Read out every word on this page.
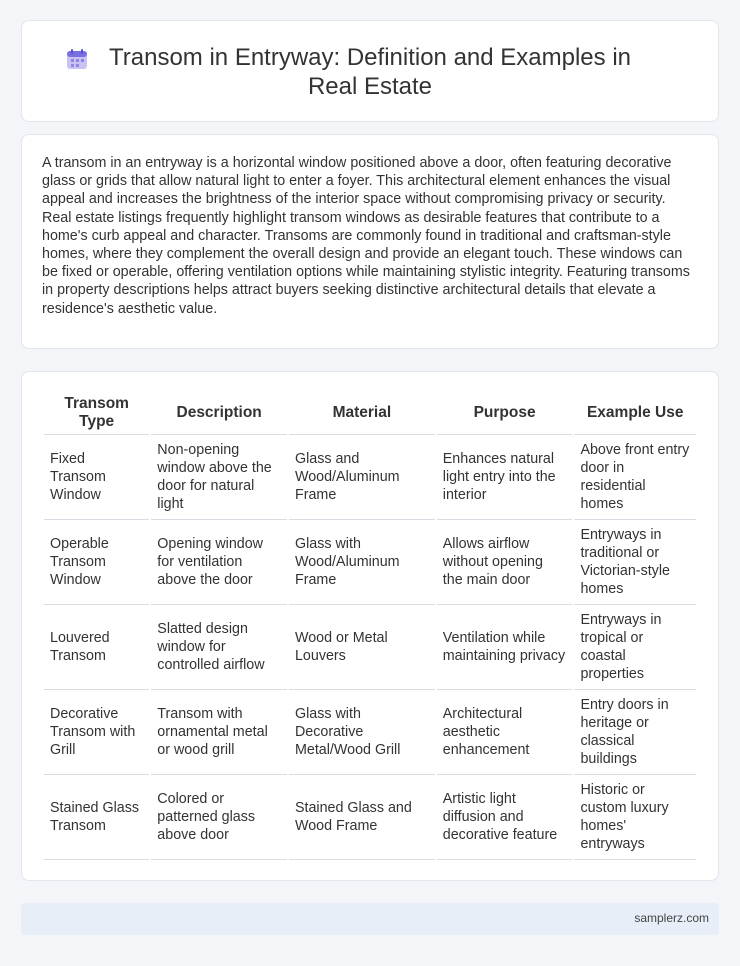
Transom in Entryway: Definition and Examples in Real Estate

A transom in an entryway is a horizontal window positioned above a door, often featuring decorative glass or grids that allow natural light to enter a foyer. This architectural element enhances the visual appeal and increases the brightness of the interior space without compromising privacy or security. Real estate listings frequently highlight transom windows as desirable features that contribute to a home's curb appeal and character. Transoms are commonly found in traditional and craftsman-style homes, where they complement the overall design and provide an elegant touch. These windows can be fixed or operable, offering ventilation options while maintaining stylistic integrity. Featuring transoms in property descriptions helps attract buyers seeking distinctive architectural details that elevate a residence's aesthetic value.

Transom Type	Description	Material	Purpose	Example Use
Fixed Transom Window	Non-opening window above the door for natural light	Glass and Wood/Aluminum Frame	Enhances natural light entry into the interior	Above front entry door in residential homes
Operable Transom Window	Opening window for ventilation above the door	Glass with Wood/Aluminum Frame	Allows airflow without opening the main door	Entryways in traditional or Victorian-style homes
Louvered Transom	Slatted design window for controlled airflow	Wood or Metal Louvers	Ventilation while maintaining privacy	Entryways in tropical or coastal properties
Decorative Transom with Grill	Transom with ornamental metal or wood grill	Glass with Decorative Metal/Wood Grill	Architectural aesthetic enhancement	Entry doors in heritage or classical buildings
Stained Glass Transom	Colored or patterned glass above door	Stained Glass and Wood Frame	Artistic light diffusion and decorative feature	Historic or custom luxury homes' entryways
samplerz.com
